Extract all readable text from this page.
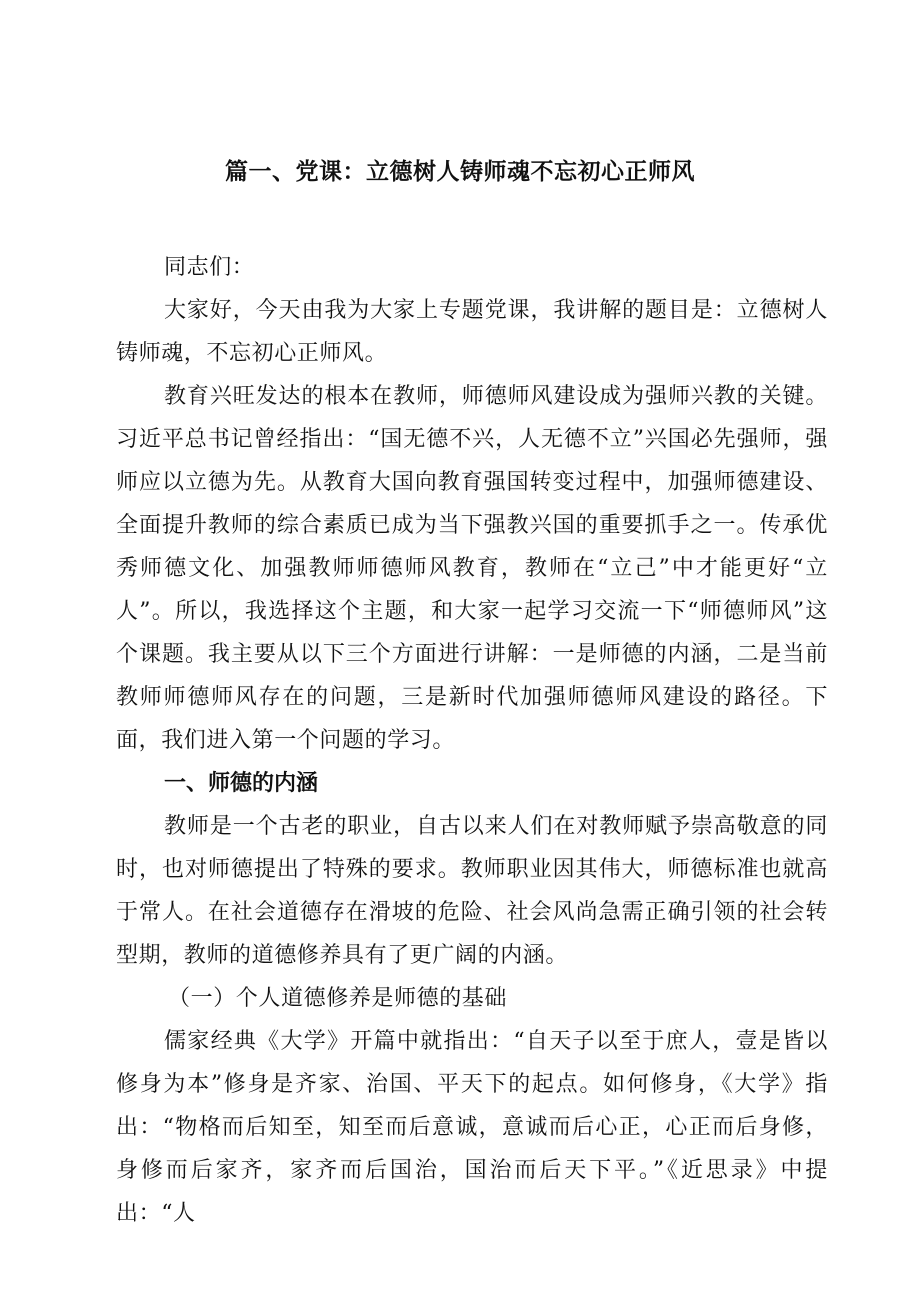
篇一、党课：立德树人铸师魂不忘初心正师风

同志们：

大家好，今天由我为大家上专题党课，我讲解的题目是：立德树人铸师魂，不忘初心正师风。

教育兴旺发达的根本在教师，师德师风建设成为强师兴教的关键。习近平总书记曾经指出：“国无德不兴，人无德不立”兴国必先强师，强师应以立德为先。从教育大国向教育强国转变过程中，加强师德建设、全面提升教师的综合素质已成为当下强教兴国的重要抓手之一。传承优秀师德文化、加强教师师德师风教育，教师在“立己”中才能更好“立人”。所以，我选择这个主题，和大家一起学习交流一下“师德师风”这个课题。我主要从以下三个方面进行讲解：一是师德的内涵，二是当前教师师德师风存在的问题，三是新时代加强师德师风建设的路径。下面，我们进入第一个问题的学习。

一、师德的内涵

教师是一个古老的职业，自古以来人们在对教师赋予崇高敬意的同时，也对师德提出了特殊的要求。教师职业因其伟大，师德标准也就高于常人。在社会道德存在滑坡的危险、社会风尚急需正确引领的社会转型期，教师的道德修养具有了更广阔的内涵。

（一）个人道德修养是师德的基础

儒家经典《大学》开篇中就指出：“自天子以至于庶人，壹是皆以修身为本”修身是齐家、治国、平天下的起点。如何修身，《大学》指出：“物格而后知至，知至而后意诚，意诚而后心正，心正而后身修，身修而后家齐，家齐而后国治，国治而后天下平。”《近思录》中提出：“人
